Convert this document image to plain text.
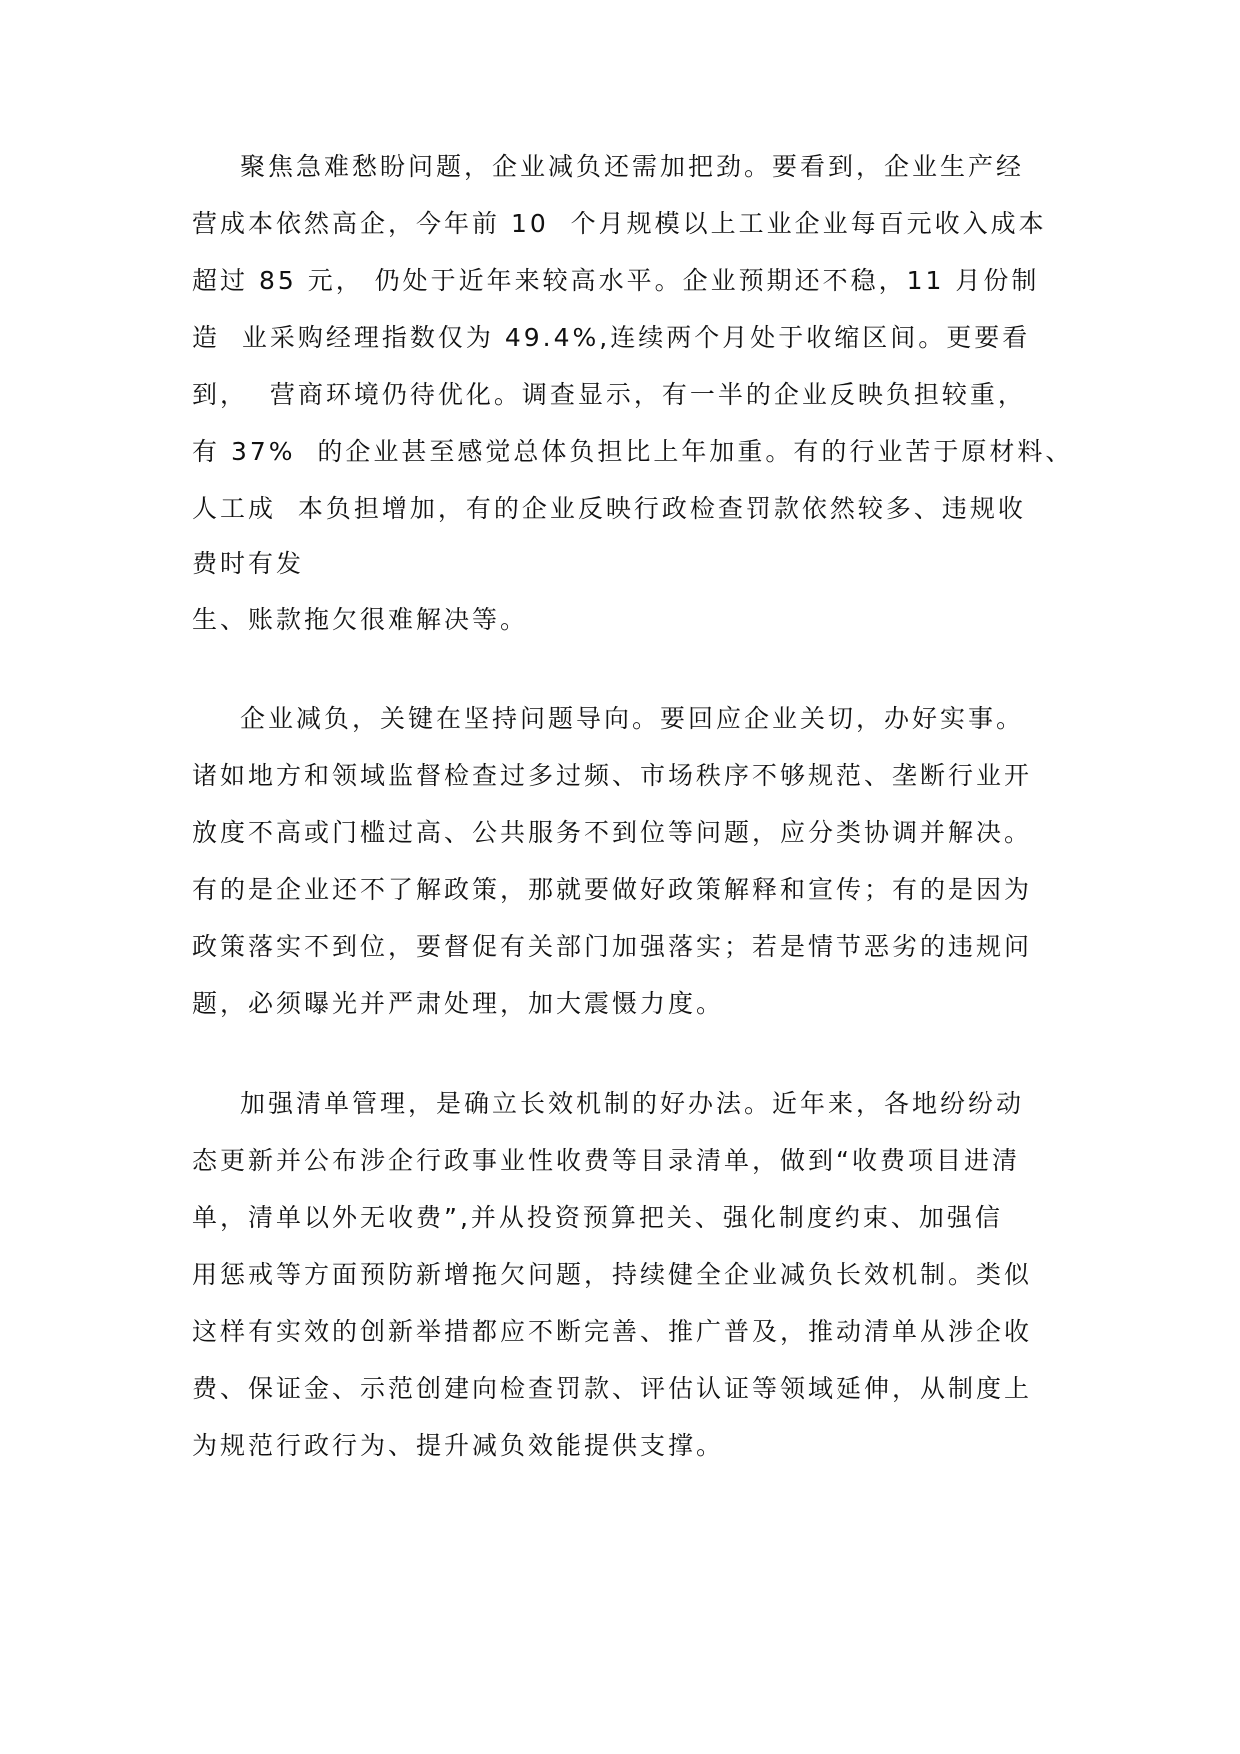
聚焦急难愁盼问题，企业减负还需加把劲。要看到，企业生产经

营成本依然高企，今年前 10  个月规模以上工业企业每百元收入成本

超过 85 元， 仍处于近年来较高水平。企业预期还不稳，11 月份制

造  业采购经理指数仅为 49.4%,连续两个月处于收缩区间。更要看

到，  营商环境仍待优化。调查显示，有一半的企业反映负担较重，

有 37%  的企业甚至感觉总体负担比上年加重。有的行业苦于原材料、

人工成  本负担增加，有的企业反映行政检查罚款依然较多、违规收

费时有发

生、账款拖欠很难解决等。

企业减负，关键在坚持问题导向。要回应企业关切，办好实事。

诸如地方和领域监督检查过多过频、市场秩序不够规范、垄断行业开

放度不高或门槛过高、公共服务不到位等问题，应分类协调并解决。

有的是企业还不了解政策，那就要做好政策解释和宣传；有的是因为

政策落实不到位，要督促有关部门加强落实；若是情节恶劣的违规问

题，必须曝光并严肃处理，加大震慑力度。

加强清单管理，是确立长效机制的好办法。近年来，各地纷纷动

态更新并公布涉企行政事业性收费等目录清单，做到“收费项目进清

单，清单以外无收费”,并从投资预算把关、强化制度约束、加强信

用惩戒等方面预防新增拖欠问题，持续健全企业减负长效机制。类似

这样有实效的创新举措都应不断完善、推广普及，推动清单从涉企收

费、保证金、示范创建向检查罚款、评估认证等领域延伸，从制度上

为规范行政行为、提升减负效能提供支撑。
